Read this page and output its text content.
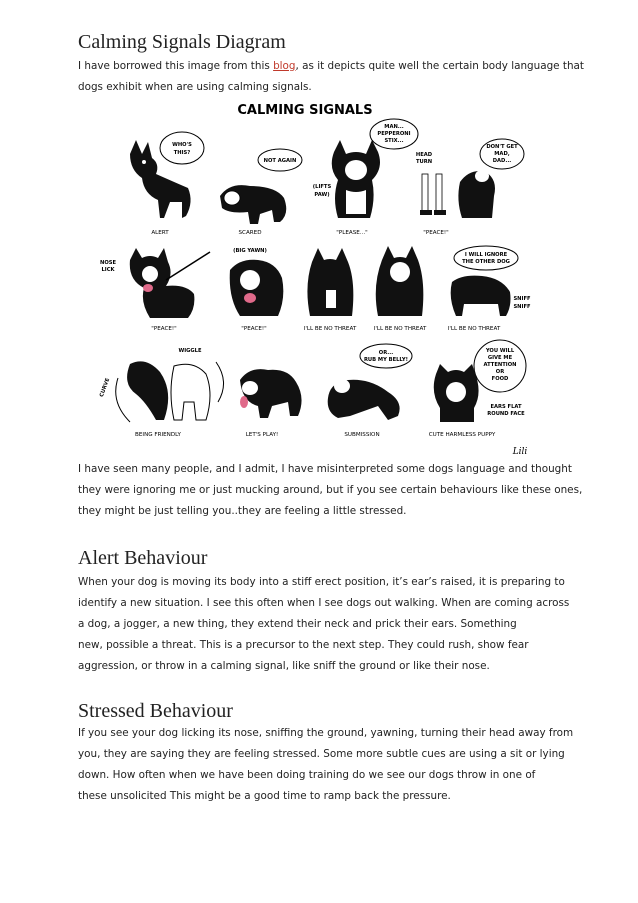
Calming Signals Diagram

I have borrowed this image from this blog, as it depicts quite well the certain body language that
dogs exhibit when are using calming signals.

CALMING SIGNALS
WHO'S
THIS?
ALERT
NOT AGAIN
SCARED
MAN...
PEPPERONI
STIX...
(LIFTS
PAW)
"PLEASE..."
HEAD
TURN
DON'T GET
MAD,
DAD...
"PEACE!"
NOSE
LICK
"PEACE!"
(BIG YAWN)
"PEACE!"	I'LL BE NO THREAT	I'LL BE NO THREAT
I WILL IGNORE
THE OTHER DOG
SNIFF
SNIFF
I'LL BE NO THREAT
WIGGLE
CURVE
BEING FRIENDLY	LET'S PLAY!
OR...
RUB MY BELLY!
SUBMISSION
YOU WILL
GIVE ME
ATTENTION
OR
FOOD
EARS FLAT
ROUND FACE
CUTE HARMLESS PUPPY
Lili

I have seen many people, and I admit, I have misinterpreted some dogs language and thought
they were ignoring me or just mucking around, but if you see certain behaviours like these ones,
they might be just telling you..they are feeling a little stressed.

Alert Behaviour

When your dog is moving its body into a stiff erect position, it’s ear’s raised, it is preparing to
identify a new situation. I see this often when I see dogs out walking. When are coming across
a dog, a jogger, a new thing, they extend their neck and prick their ears. Something
new, possible a threat. This is a precursor to the next step. They could rush, show fear
aggression, or throw in a calming signal, like sniff the ground or like their nose.

Stressed Behaviour

If you see your dog licking its nose, sniffing the ground, yawning, turning their head away from
you, they are saying they are feeling stressed. Some more subtle cues are using a sit or lying
down. How often when we have been doing training do we see our dogs throw in one of
these unsolicited This might be a good time to ramp back the pressure.
